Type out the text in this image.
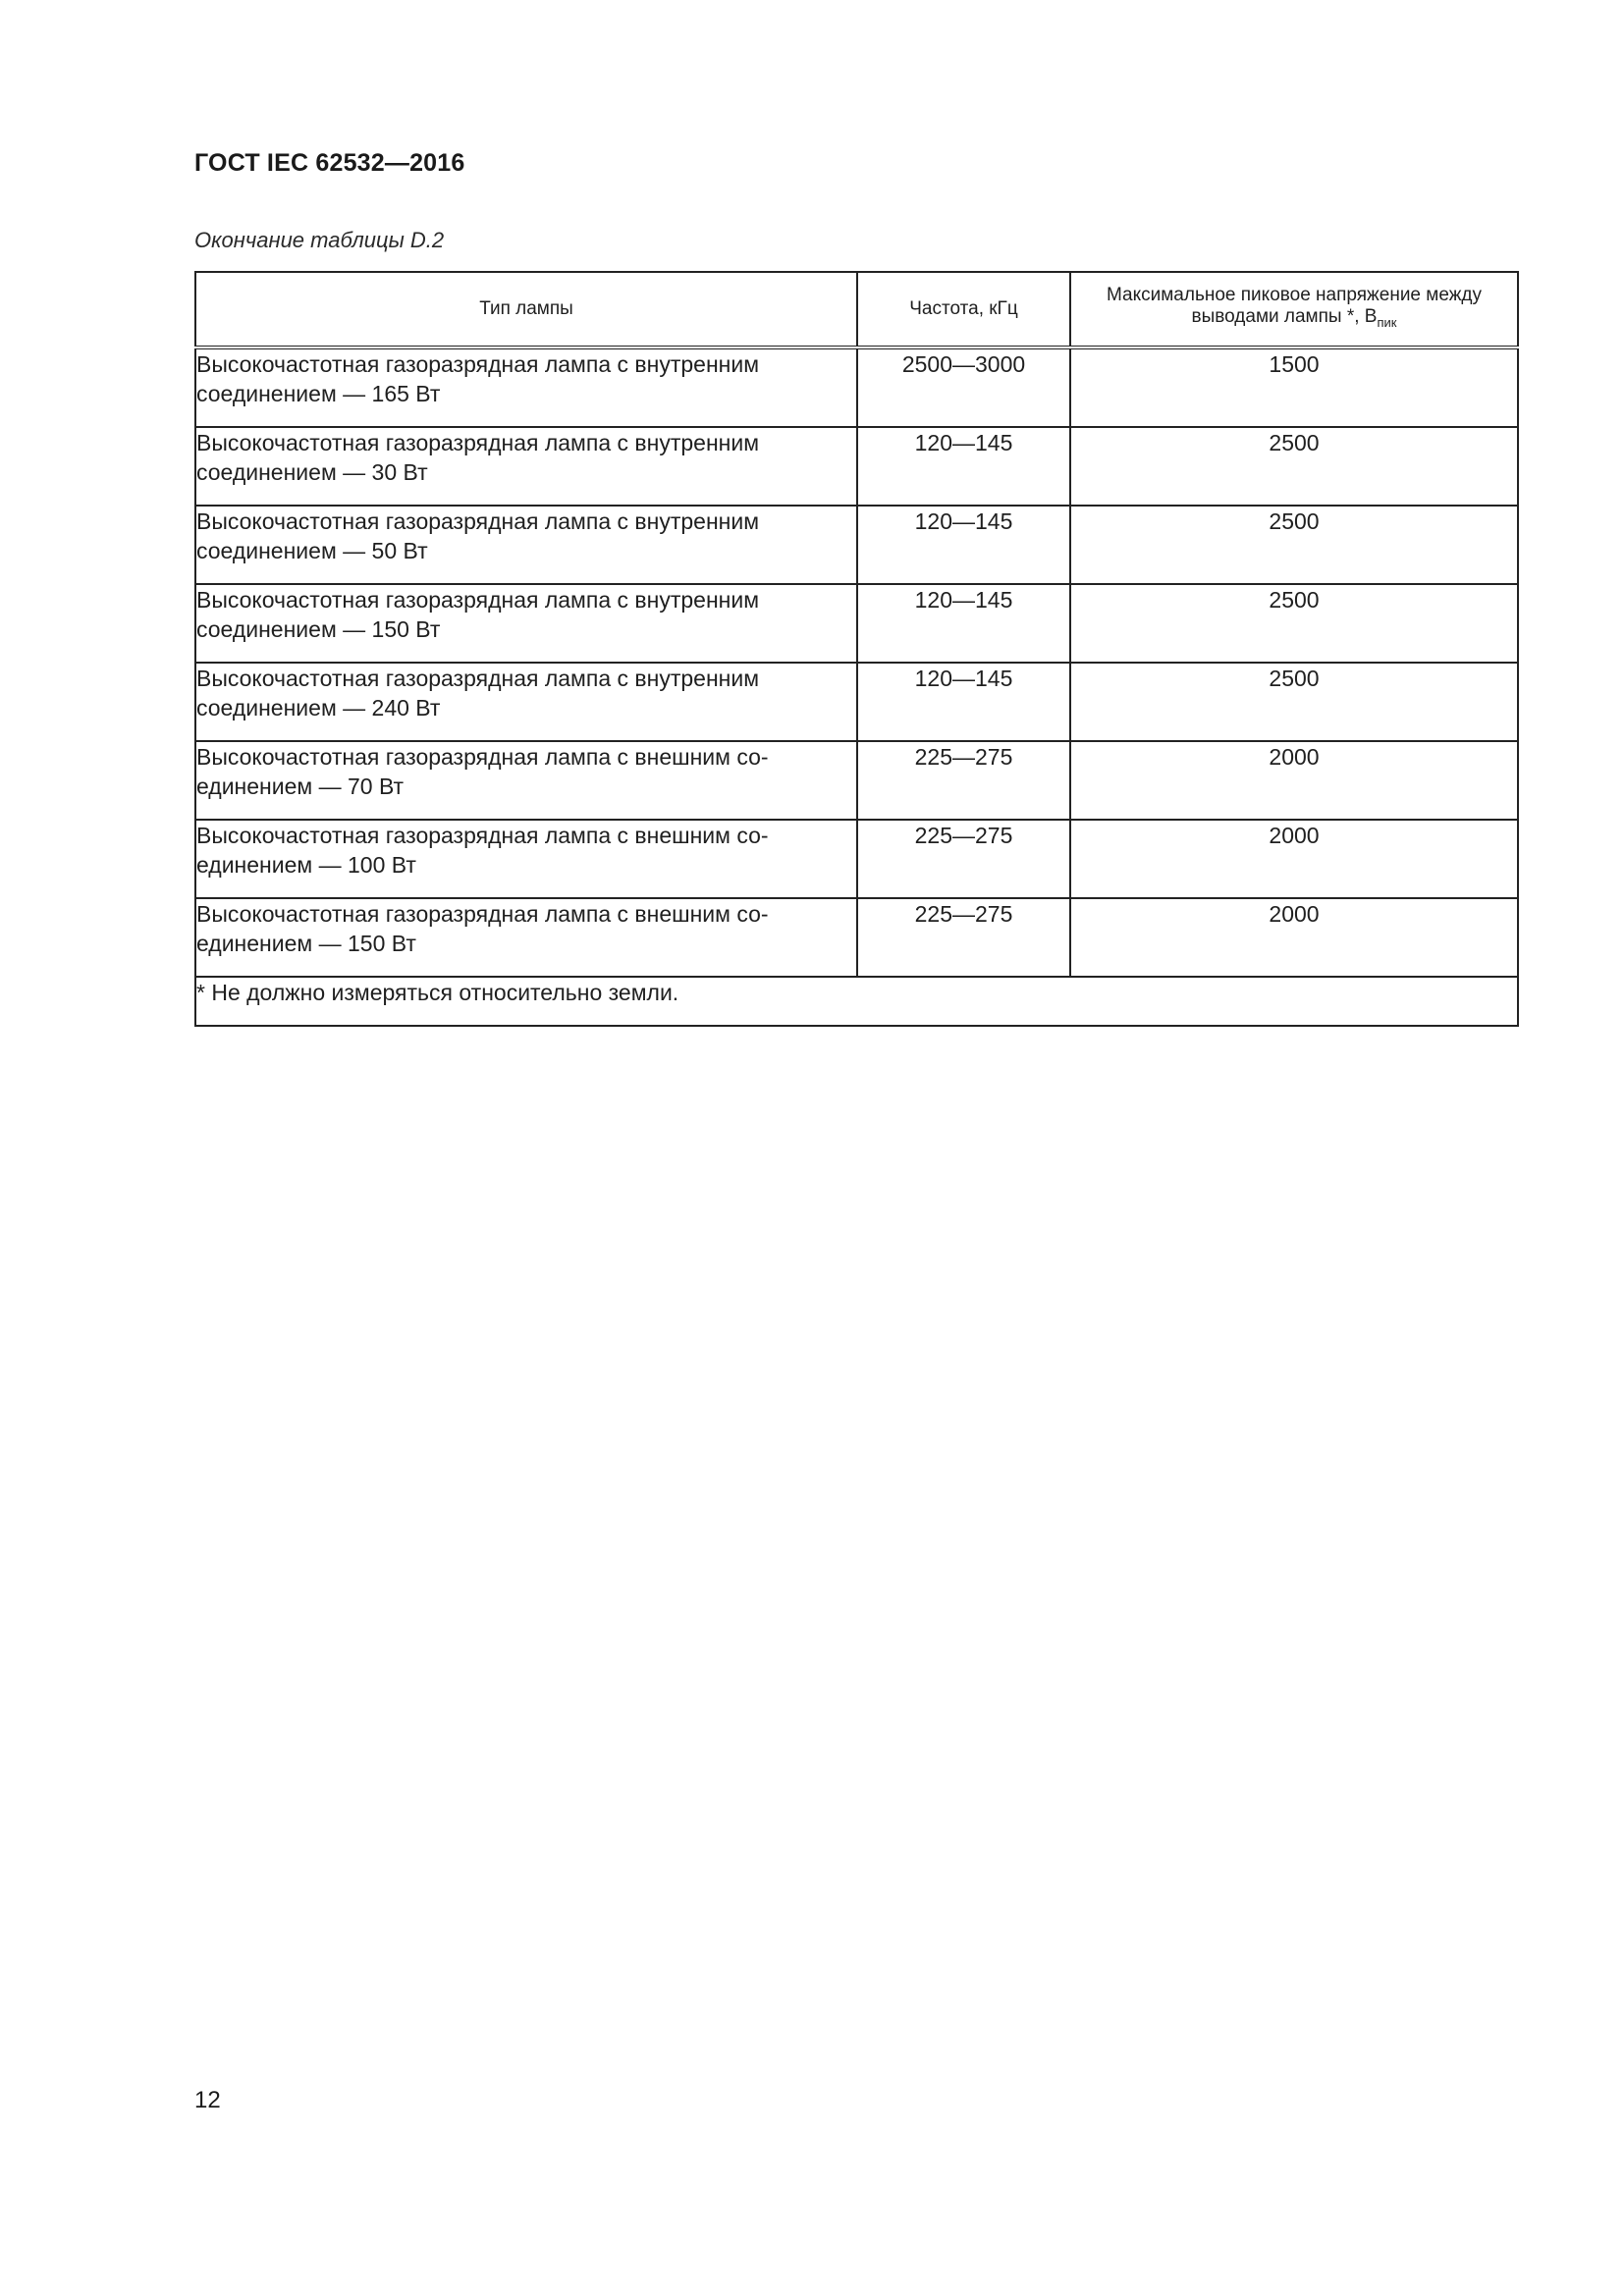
ГОСТ IEC 62532—2016
Окончание таблицы D.2
Тип лампы	Частота, кГц	Максимальное пиковое напряжение между выводами лампы *, $В_{пик}$
Высокочастотная газоразрядная лампа с внутренним соединением — 165 Вт	2500—3000	1500
Высокочастотная газоразрядная лампа с внутренним соединением — 30 Вт	120—145	2500
Высокочастотная газоразрядная лампа с внутренним соединением — 50 Вт	120—145	2500
Высокочастотная газоразрядная лампа с внутренним соединением — 150 Вт	120—145	2500
Высокочастотная газоразрядная лампа с внутренним соединением — 240 Вт	120—145	2500
Высокочастотная газоразрядная лампа с внешним со-единением — 70 Вт	225—275	2000
Высокочастотная газоразрядная лампа с внешним со-единением — 100 Вт	225—275	2000
Высокочастотная газоразрядная лампа с внешним со-единением — 150 Вт	225—275	2000
* Не должно измеряться относительно земли.		
12
